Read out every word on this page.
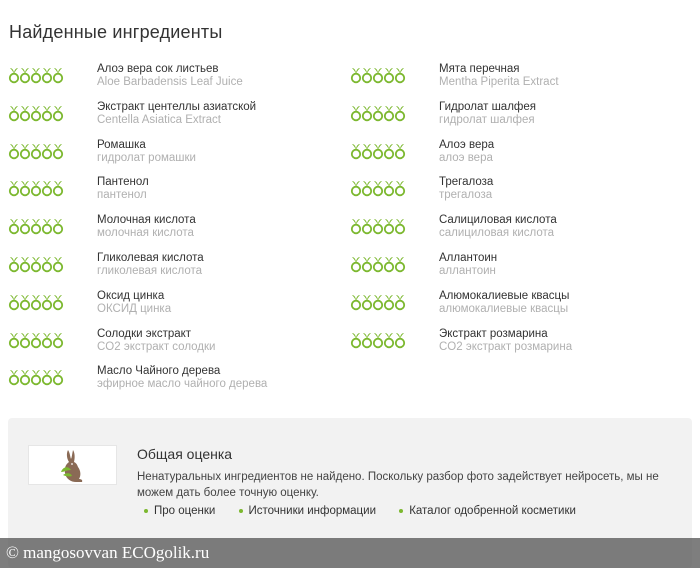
Найденные ингредиенты
Алоэ вера сок листьев
Aloe Barbadensis Leaf Juice
Экстракт центеллы азиатской
Centella Asiatica Extract
Ромашка
гидролат ромашки
Пантенол
пантенол
Молочная кислота
молочная кислота
Гликолевая кислота
гликолевая кислота
Оксид цинка
ОКСИД цинка
Солодки экстракт
CO2 экстракт солодки
Масло Чайного дерева
эфирное масло чайного дерева
Мята перечная
Mentha Piperita Extract
Гидролат шалфея
гидролат шалфея
Алоэ вера
алоэ вера
Трегалоза
трегалоза
Салициловая кислота
салициловая кислота
Аллантоин
аллантоин
Алюмокалиевые квасцы
алюмокалиевые квасцы
Экстракт розмарина
CO2 экстракт розмарина
Общая оценка
Ненатуральных ингредиентов не найдено. Поскольку разбор фото задействует нейросеть, мы не можем дать более точную оценку.
Про оценки	Источники информации	Каталог одобренной косметики
© mangosovvan ECOgolik.ru
